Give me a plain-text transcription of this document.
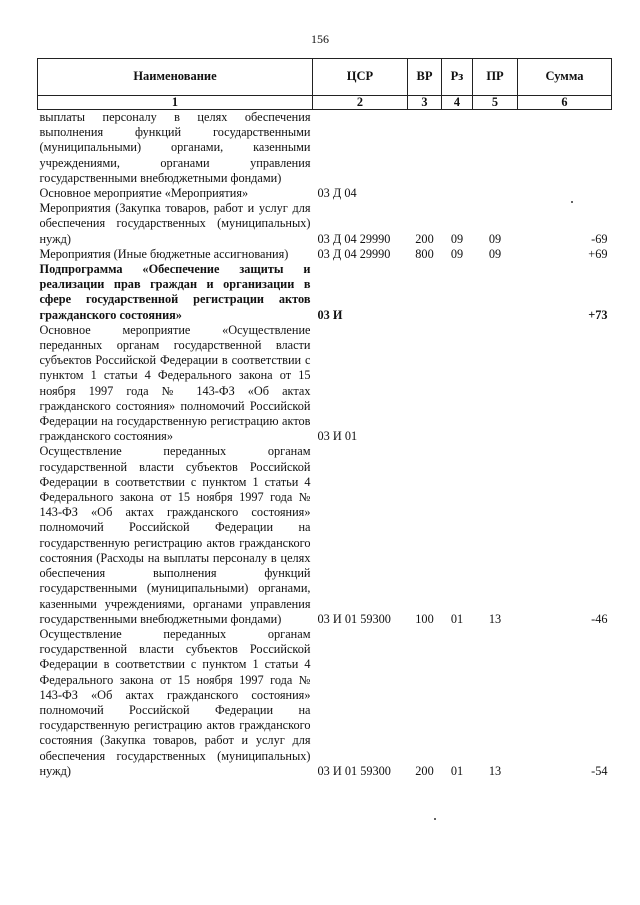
156
Наименование	ЦСР	ВР	Рз	ПР	Сумма
1	2	3	4	5	6
выплаты персоналу в целях обеспечения выполнения функций государственными (муниципальными) органами, казенными учреждениями, органами управления государственными внебюджетными фондами)					
Основное мероприятие «Мероприятия»	03 Д 04				
Мероприятия (Закупка товаров, работ и услуг для обеспечения государственных (муниципальных) нужд)	03 Д 04 29990	200	09	09	-69
Мероприятия (Иные бюджетные ассигнования)	03 Д 04 29990	800	09	09	+69
Подпрограмма «Обеспечение защиты и реализации прав граждан и организации в сфере государственной регистрации актов гражданского состояния»	03 И				+73
Основное мероприятие «Осуществление переданных органам государственной власти субъектов Российской Федерации в соответствии с пунктом 1 статьи 4 Федерального закона от 15 ноября 1997 года № 143-ФЗ «Об актах гражданского состояния» полномочий Российской Федерации на государственную регистрацию актов гражданского состояния»	03 И 01				
Осуществление переданных органам государственной власти субъектов Российской Федерации в соответствии с пунктом 1 статьи 4 Федерального закона от 15 ноября 1997 года № 143-ФЗ «Об актах гражданского состояния» полномочий Российской Федерации на государственную регистрацию актов гражданского состояния (Расходы на выплаты персоналу в целях обеспечения выполнения функций государственными (муниципальными) органами, казенными учреждениями, органами управления государственными внебюджетными фондами)	03 И 01 59300	100	01	13	-46
Осуществление переданных органам государственной власти субъектов Российской Федерации в соответствии с пунктом 1 статьи 4 Федерального закона от 15 ноября 1997 года № 143-ФЗ «Об актах гражданского состояния» полномочий Российской Федерации на государственную регистрацию актов гражданского состояния (Закупка товаров, работ и услуг для обеспечения государственных (муниципальных) нужд)	03 И 01 59300	200	01	13	-54
